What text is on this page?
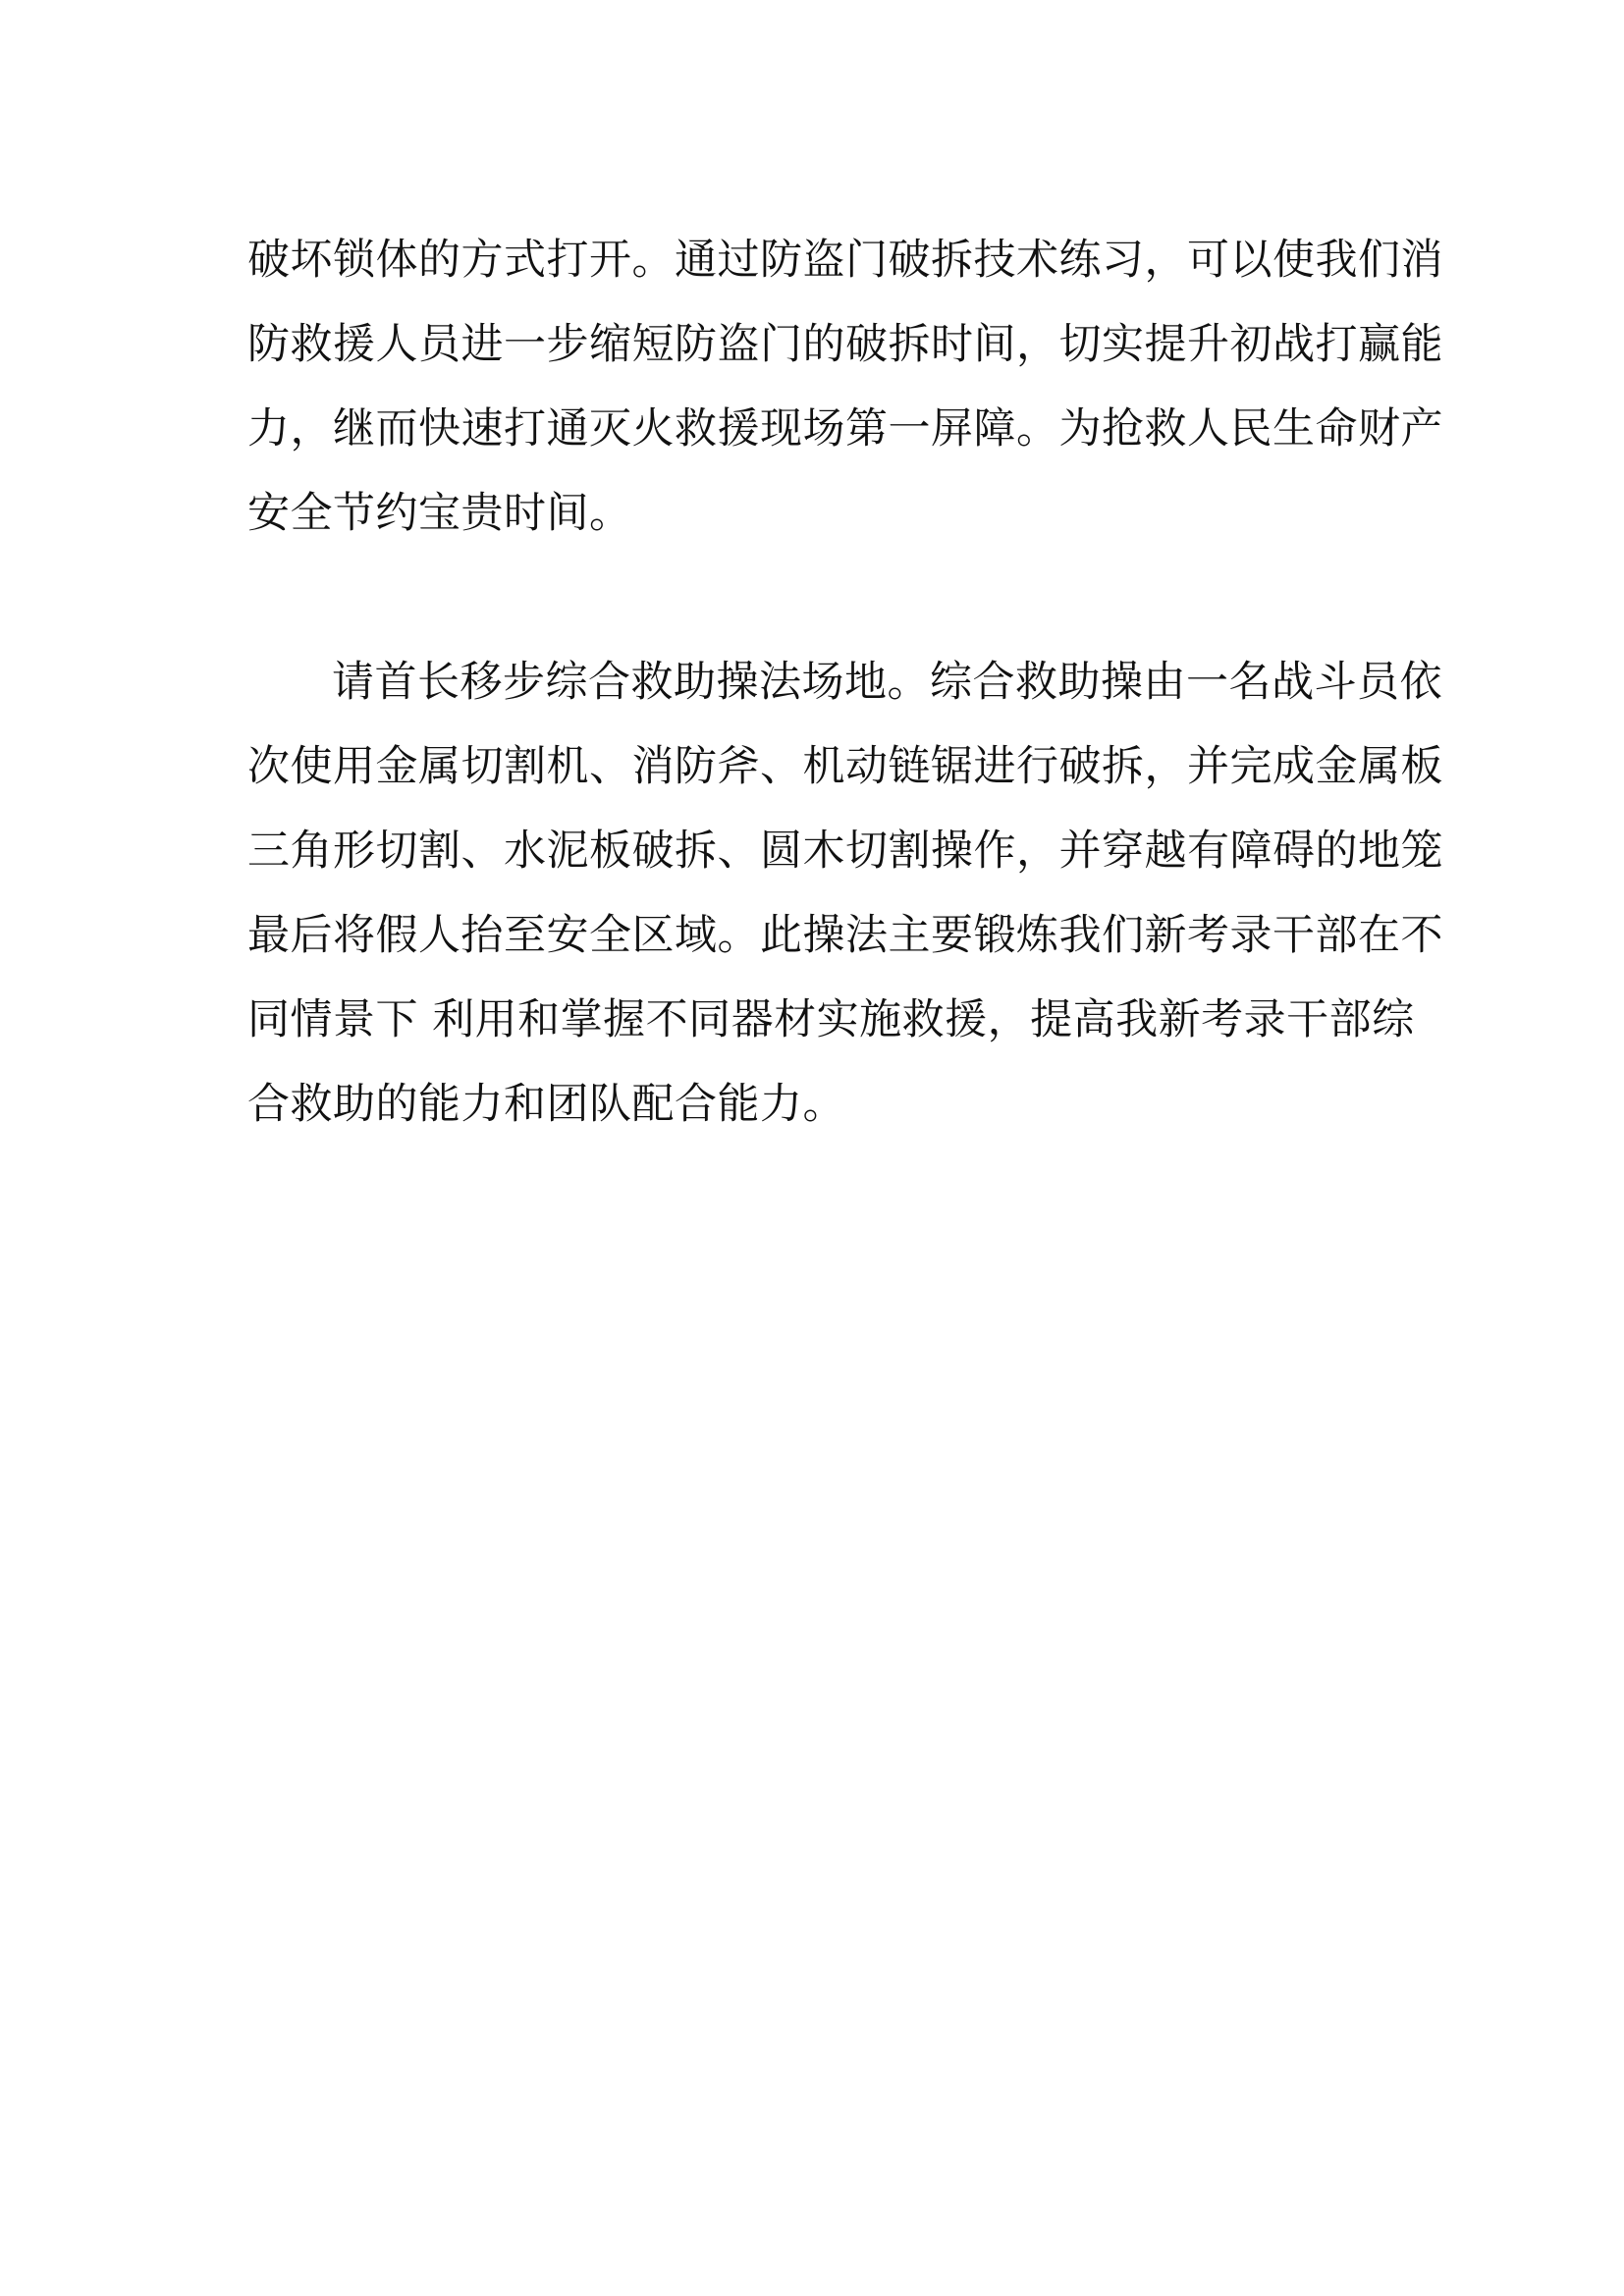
破坏锁体的方式打开。通过防盗门破拆技术练习，可以使我们消
防救援人员进一步缩短防盗门的破拆时间，切实提升初战打赢能
力，继而快速打通灭火救援现场第一屏障。为抢救人民生命财产
安全节约宝贵时间。
请首长移步综合救助操法场地。综合救助操由一名战斗员依
次使用金属切割机、消防斧、机动链锯进行破拆，并完成金属板
三角形切割、水泥板破拆、圆木切割操作，并穿越有障碍的地笼
最后将假人抬至安全区域。此操法主要锻炼我们新考录干部在不
同情景下 利用和掌握不同器材实施救援，提高我新考录干部综
合救助的能力和团队配合能力。
